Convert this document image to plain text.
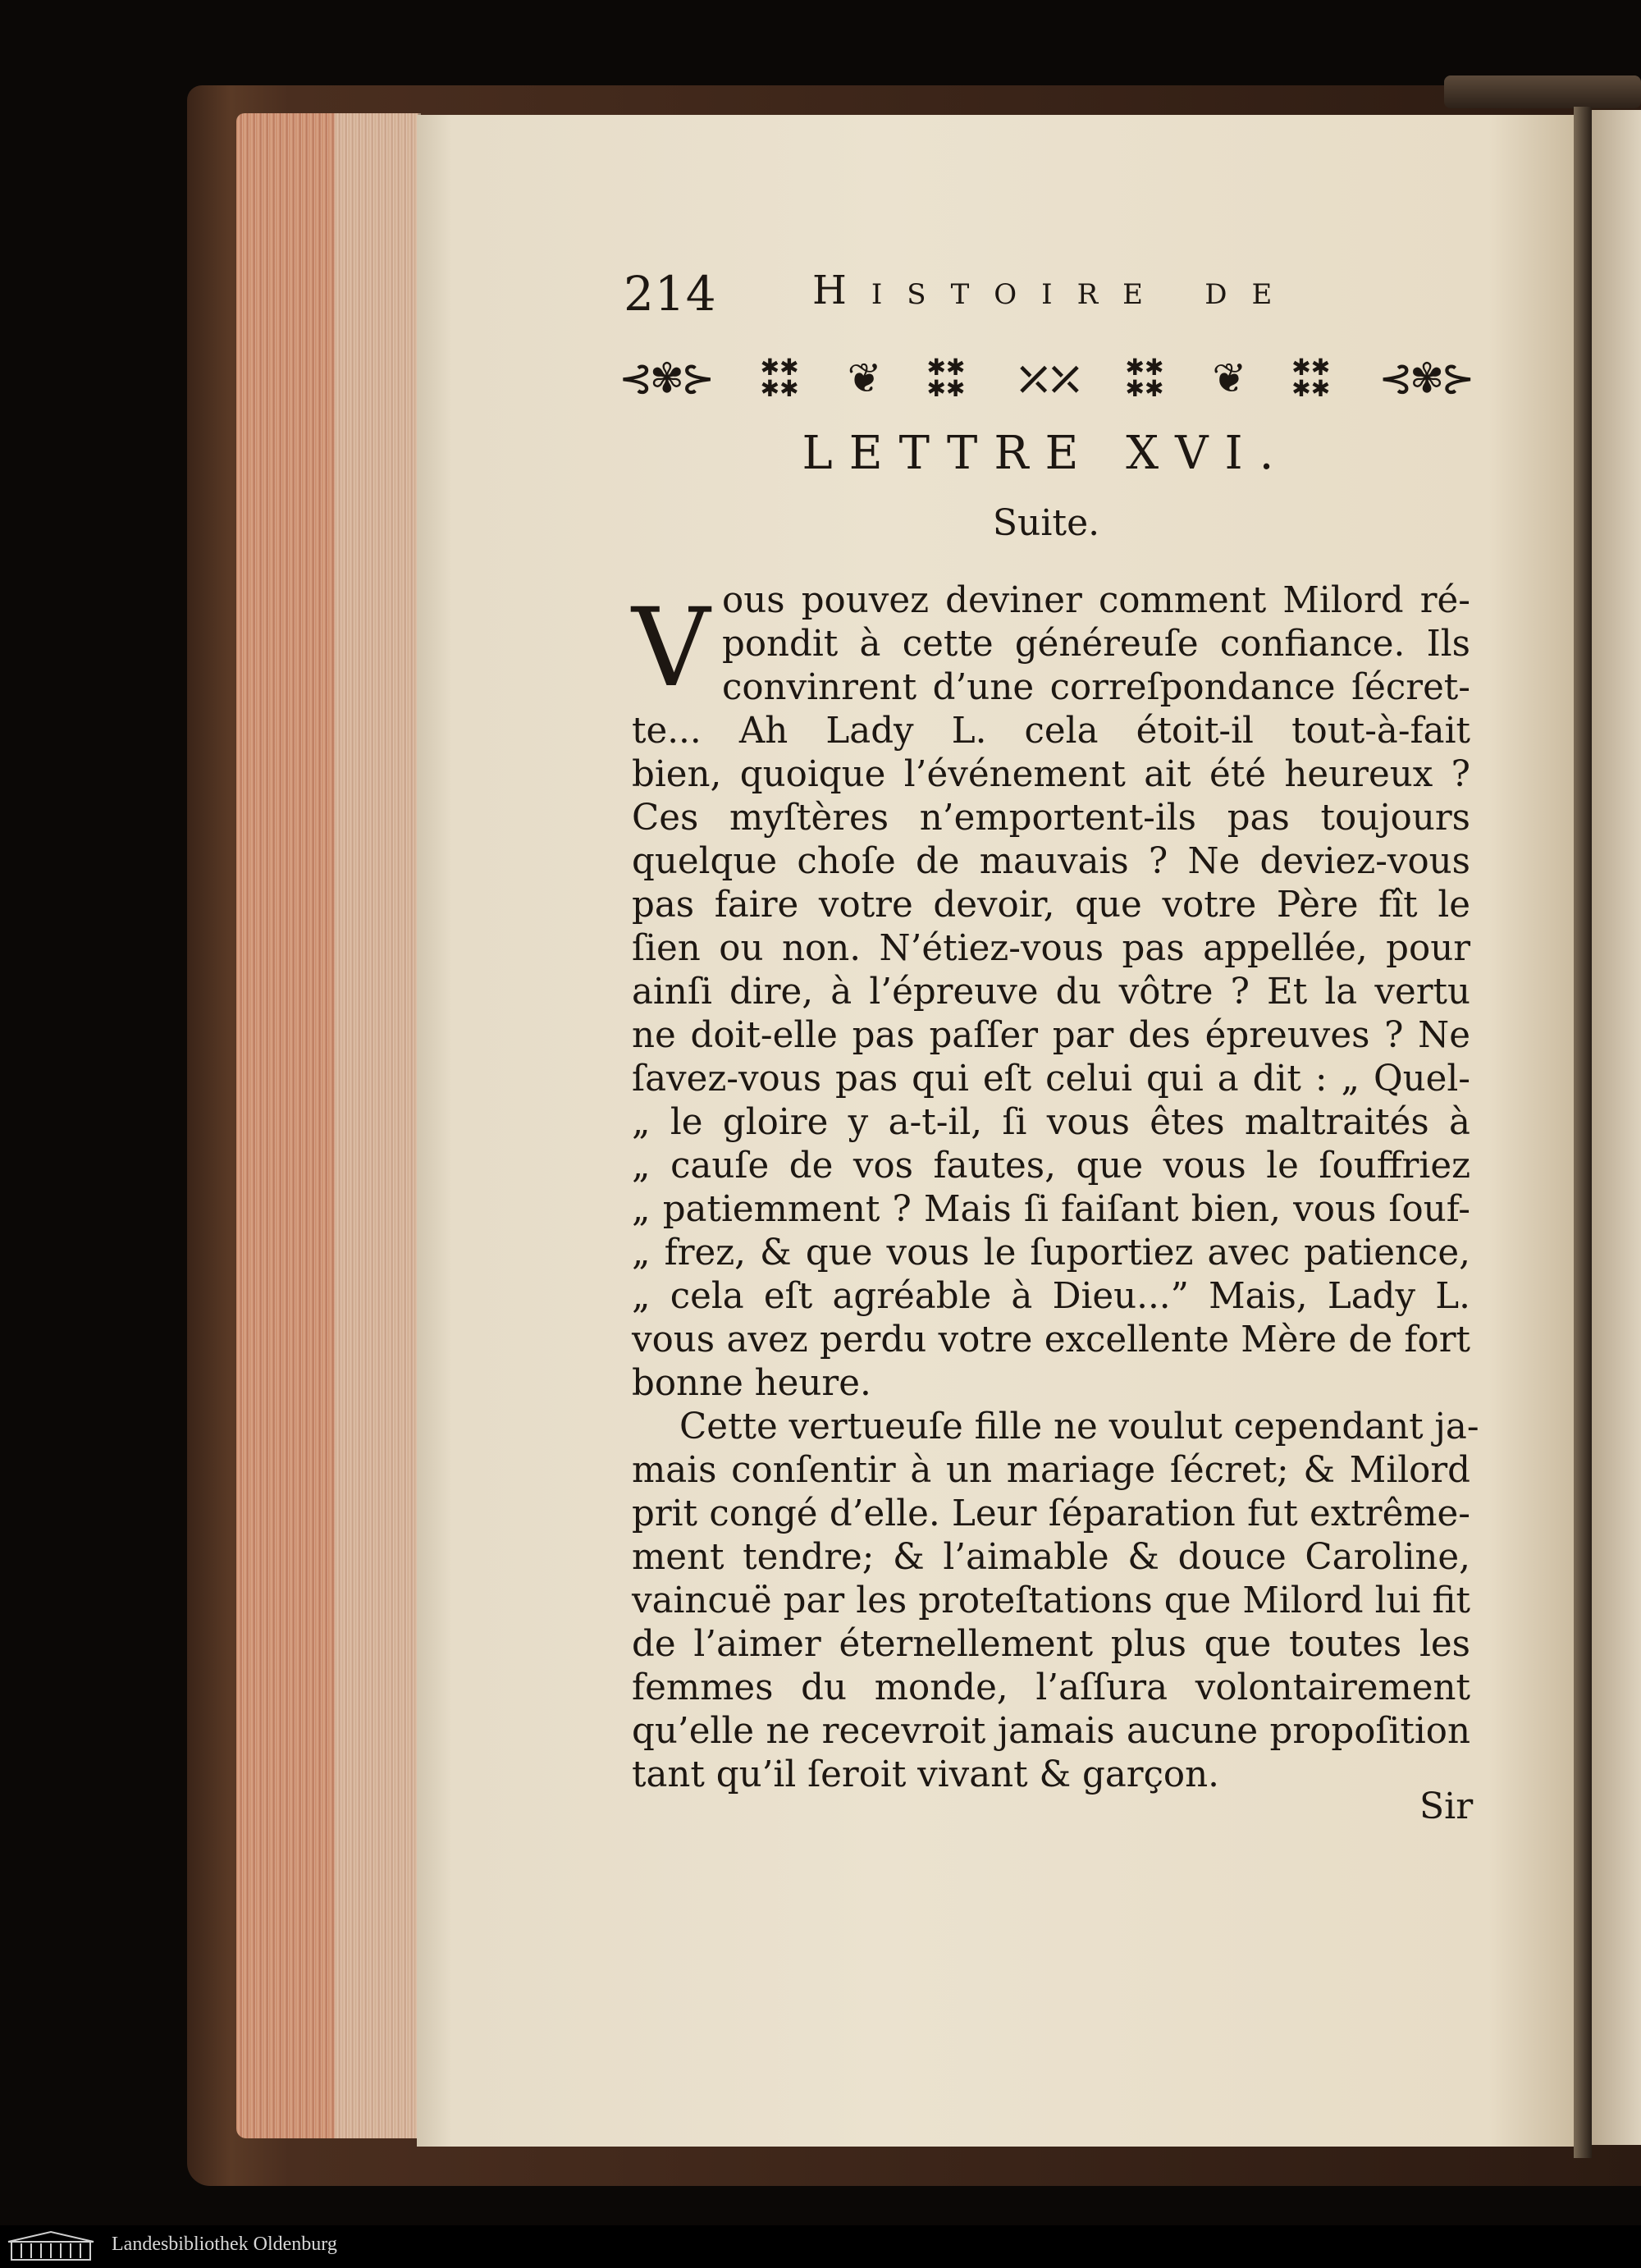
214 Histoire de
⊰✾⊱	✱✱
✱✱ ❦	✱✱
✱✱ ⤫⤫	✱✱
✱✱ ❦	✱✱
✱✱ ⊰✾⊱
LETTRE XVI.
Suite.
V ous pouvez deviner comment Milord ré-
pondit à cette généreuſe confiance. Ils
convinrent d’une correſpondance ſécret-
te... Ah Lady L. cela étoit-il tout-à-fait
bien, quoique l’événement ait été heureux ?
Ces myſtères n’emportent-ils pas toujours
quelque choſe de mauvais ? Ne deviez-vous
pas faire votre devoir, que votre Père fît le
ſien ou non. N’étiez-vous pas appellée, pour
ainſi dire, à l’épreuve du vôtre ? Et la vertu
ne doit-elle pas paſſer par des épreuves ? Ne
ſavez-vous pas qui eſt celui qui a dit : „ Quel-
„ le gloire y a-t-il, ſi vous êtes maltraités à
„ cauſe de vos fautes, que vous le ſouffriez
„ patiemment ? Mais ſi faiſant bien, vous ſouf-
„ frez, & que vous le ſuportiez avec patience,
„ cela eſt agréable à Dieu...” Mais, Lady L.
vous avez perdu votre excellente Mère de fort
bonne heure.
Cette vertueuſe fille ne voulut cependant ja-
mais conſentir à un mariage ſécret; & Milord
prit congé d’elle. Leur ſéparation fut extrême-
ment tendre; & l’aimable & douce Caroline,
vaincuë par les proteſtations que Milord lui fit
de l’aimer éternellement plus que toutes les
femmes du monde, l’aſſura volontairement
qu’elle ne recevroit jamais aucune propoſition
tant qu’il ſeroit vivant & garçon.
Sir
Landesbibliothek Oldenburg
